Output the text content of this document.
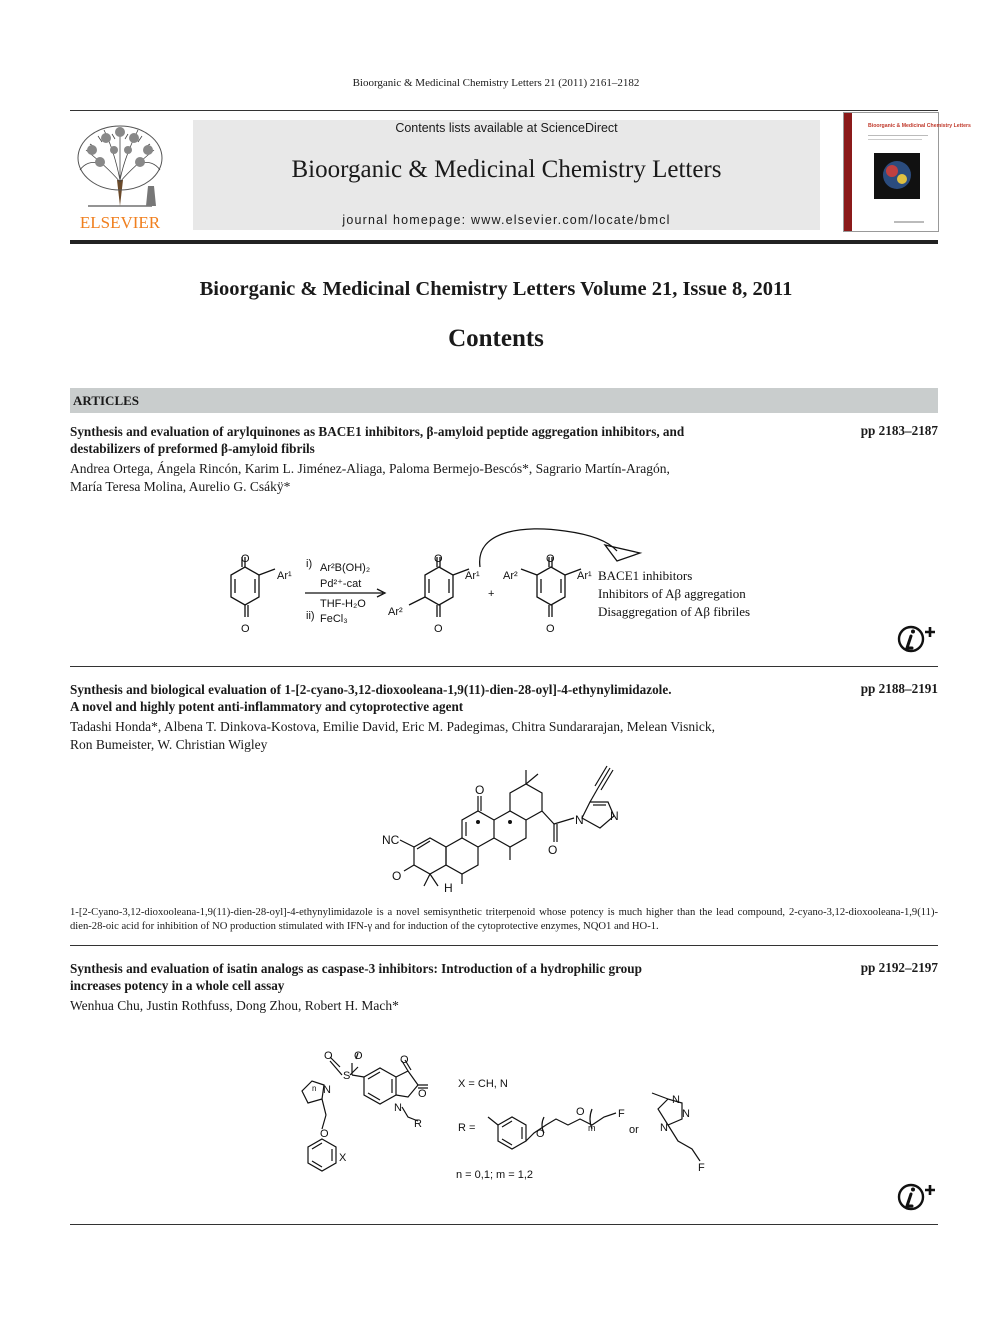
Bioorganic & Medicinal Chemistry Letters 21 (2011) 2161–2182
ELSEVIER
Contents lists available at ScienceDirect
Bioorganic & Medicinal Chemistry Letters
journal homepage: www.elsevier.com/locate/bmcl
Bioorganic & Medicinal Chemistry Letters
Bioorganic & Medicinal Chemistry Letters Volume 21, Issue 8, 2011
Contents
ARTICLES
Synthesis and evaluation of arylquinones as BACE1 inhibitors, β-amyloid peptide aggregation inhibitors, and
destabilizers of preformed β-amyloid fibrils
pp 2183–2187
Andrea Ortega, Ángela Rincón, Karim L. Jiménez-Aliaga, Paloma Bermejo-Bescós*, Sagrario Martín-Aragón,
María Teresa Molina, Aurelio G. Csákÿ*
O
O
Ar¹
i) Ar²B(OH)₂
Pd²⁺-cat
THF-H₂O
ii) FeCl₃
O
O
Ar¹
Ar²
+
O
O
Ar¹
Ar²	BACE1 inhibitors
Inhibitors of Aβ aggregation
Disaggregation of Aβ fibriles
Synthesis and biological evaluation of 1-[2-cyano-3,12-dioxooleana-1,9(11)-dien-28-oyl]-4-ethynylimidazole.
A novel and highly potent anti-inflammatory and cytoprotective agent
pp 2188–2191
Tadashi Honda*, Albena T. Dinkova-Kostova, Emilie David, Eric M. Padegimas, Chitra Sundararajan, Melean Visnick,
Ron Bumeister, W. Christian Wigley
NC
O
O
O
H
N N
1-[2-Cyano-3,12-dioxooleana-1,9(11)-dien-28-oyl]-4-ethynylimidazole is a novel semisynthetic triterpenoid whose potency is much higher than the lead compound, 2-cyano-3,12-dioxooleana-1,9(11)-dien-28-oic acid for inhibition of NO production stimulated with IFN-γ and for induction of the cytoprotective enzymes, NQO1 and HO-1.
Synthesis and evaluation of isatin analogs as caspase-3 inhibitors: Introduction of a hydrophilic group
increases potency in a whole cell assay
pp 2192–2197
Wenhua Chu, Justin Rothfuss, Dong Zhou, Robert H. Mach*
S
O O
N
n
O
X
O
O
N
R
X = CH, N
R =	O
O
m
F
or
N
N
N
F
n = 0,1; m = 1,2
